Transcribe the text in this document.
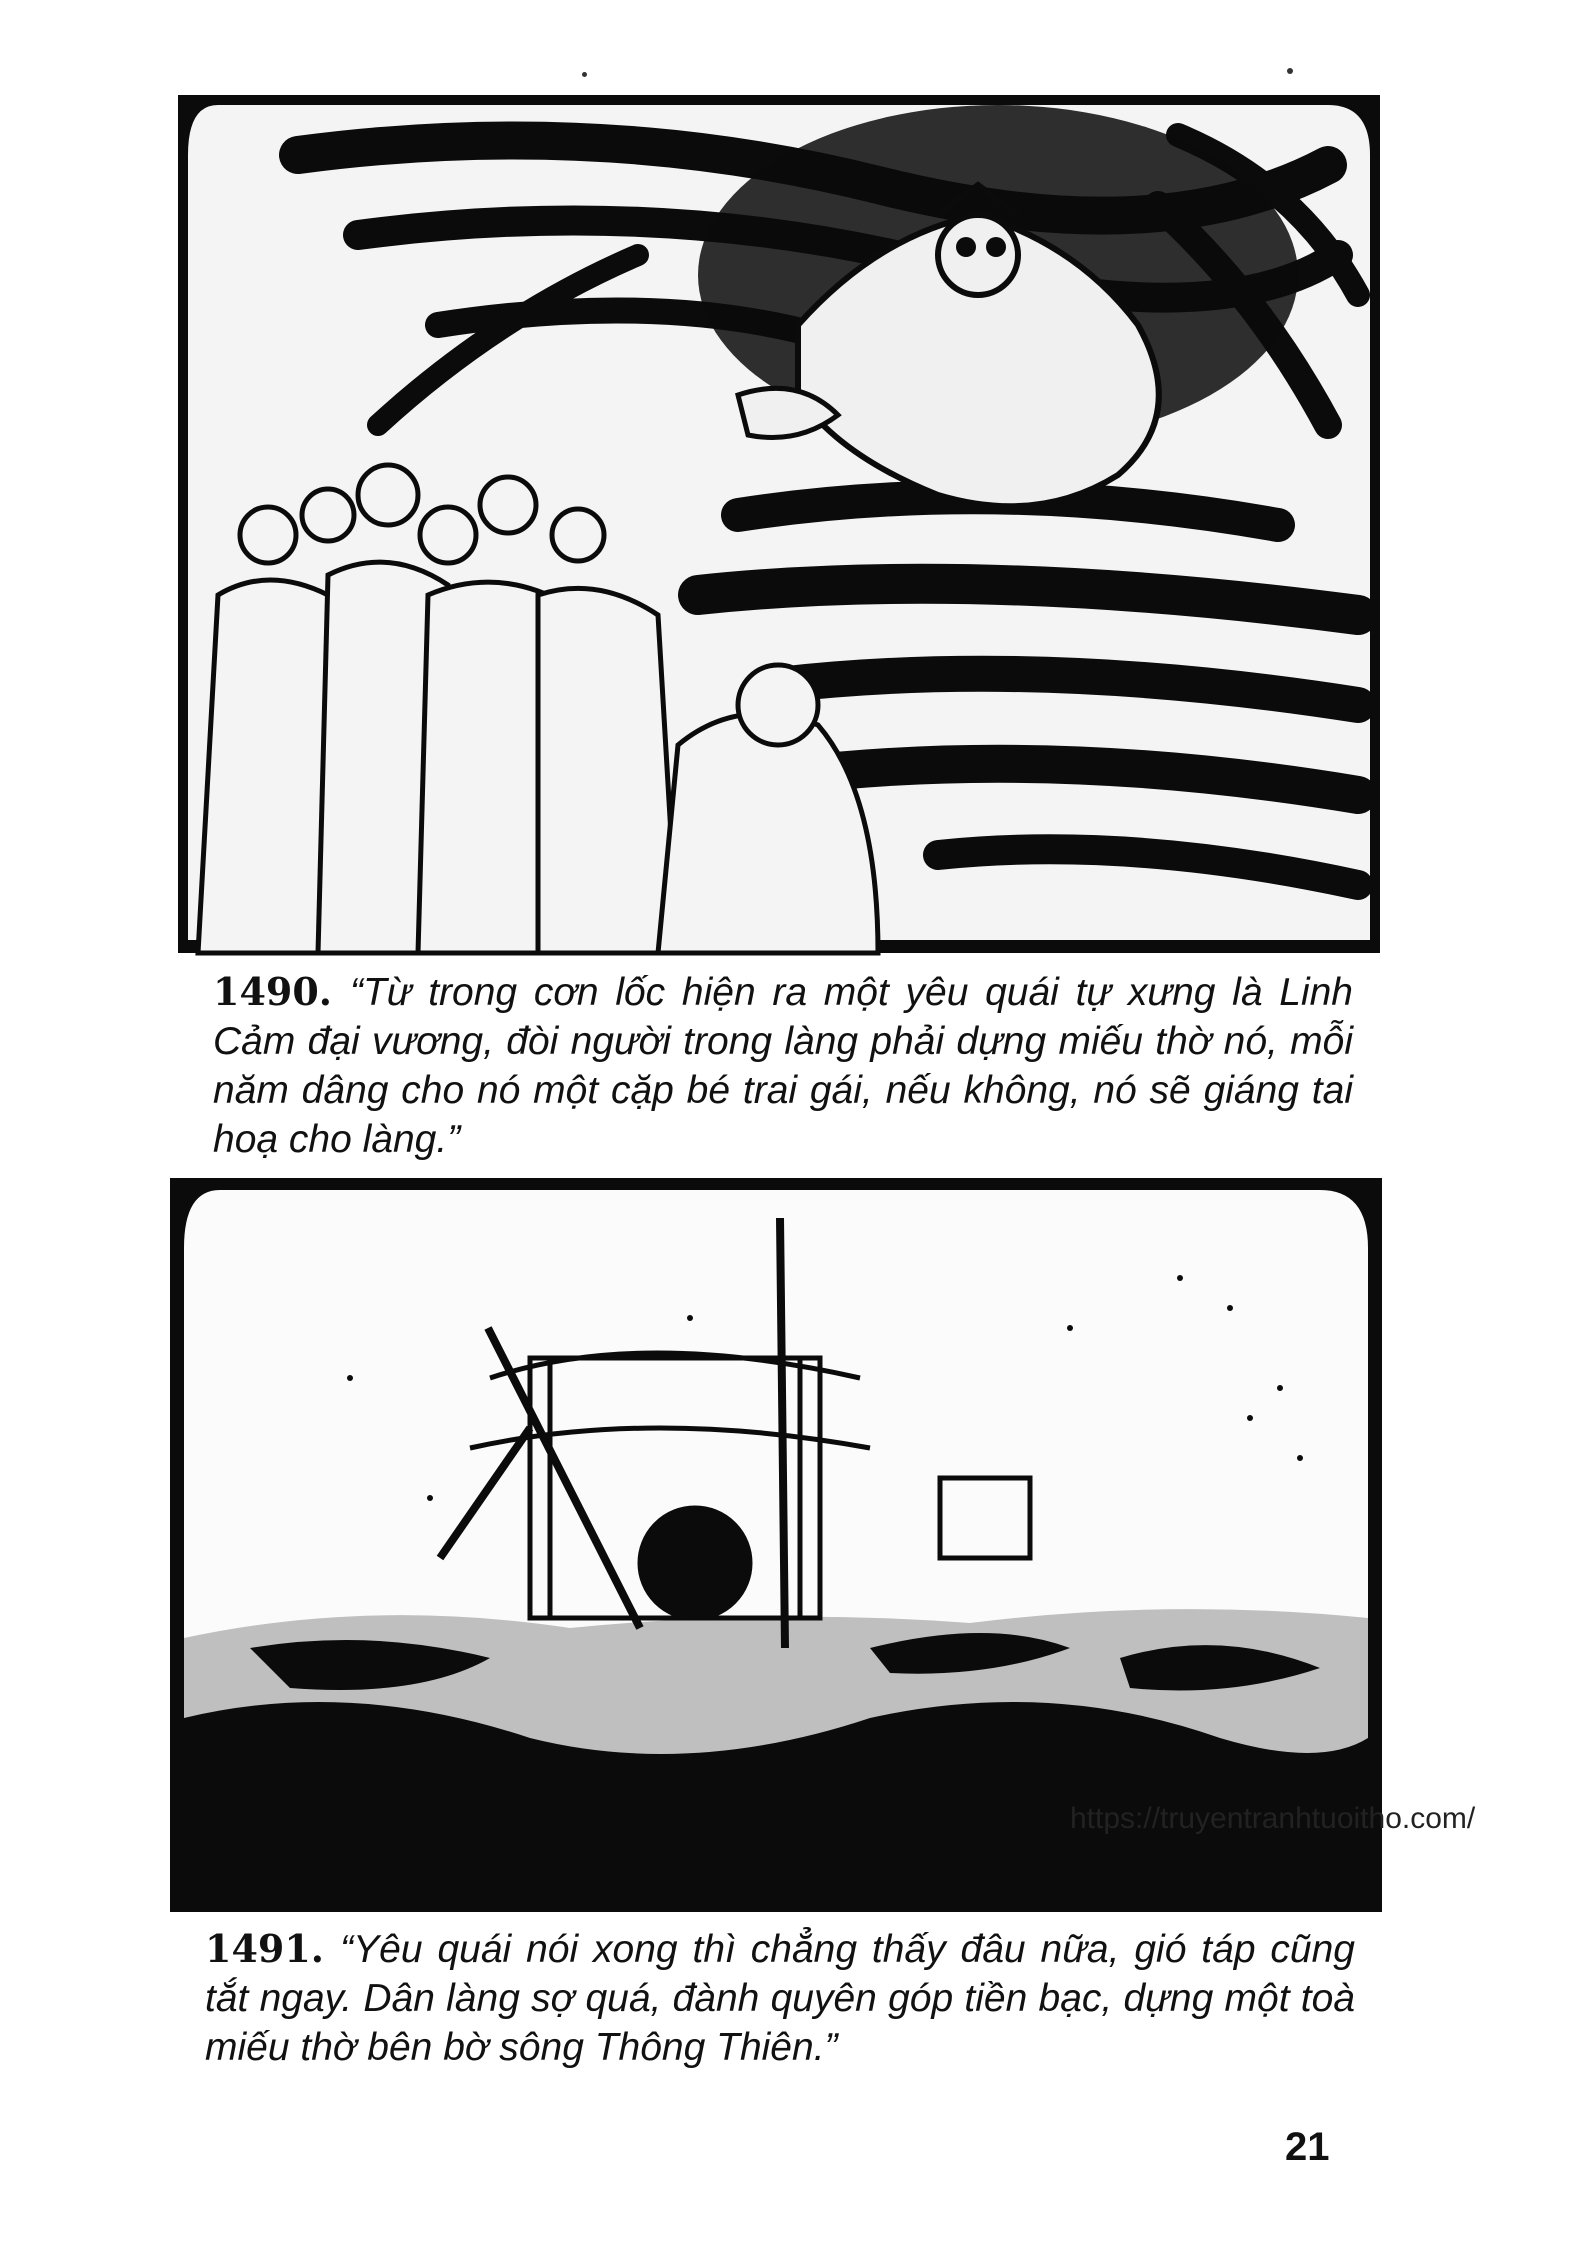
1490. “Từ trong cơn lốc hiện ra một yêu quái tự xưng là Linh Cảm đại vương, đòi người trong làng phải dựng miếu thờ nó, mỗi năm dâng cho nó một cặp bé trai gái, nếu không, nó sẽ giáng tai hoạ cho làng.”
https://truyentranhtuoitho.com/
1491. “Yêu quái nói xong thì chẳng thấy đâu nữa, gió táp cũng tắt ngay. Dân làng sợ quá, đành quyên góp tiền bạc, dựng một toà miếu thờ bên bờ sông Thông Thiên.”
21
